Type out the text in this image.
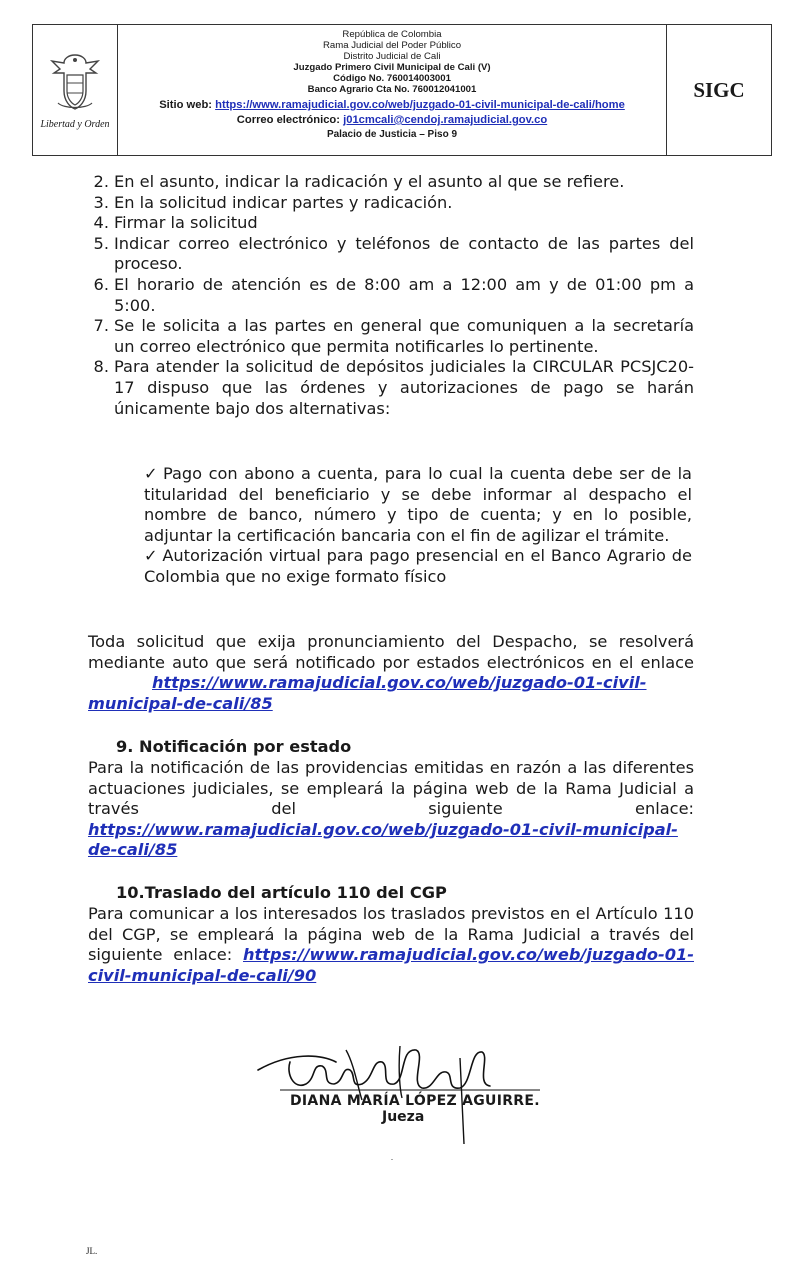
Libertad y Orden
República de Colombia
Rama Judicial del Poder Público
Distrito Judicial de Cali
Juzgado Primero Civil Municipal de Cali (V)
Código No. 760014003001
Banco Agrario Cta No. 760012041001
Sitio web: https://www.ramajudicial.gov.co/web/juzgado-01-civil-municipal-de-cali/home
Correo electrónico: j01cmcali@cendoj.ramajudicial.gov.co
Palacio de Justicia – Piso 9
SIGC
2. En el asunto, indicar la radicación y el asunto al que se refiere.
3. En la solicitud indicar partes y radicación.
4. Firmar la solicitud
5. Indicar correo electrónico y teléfonos de contacto de las partes del proceso.
6. El horario de atención es de 8:00 am a 12:00 am y de 01:00 pm a 5:00.
7. Se le solicita a las partes en general que comuniquen a la secretaría un correo electrónico que permita notificarles lo pertinente.
8. Para atender la solicitud de depósitos judiciales la CIRCULAR PCSJC20-17 dispuso que las órdenes y autorizaciones de pago se harán únicamente bajo dos alternativas:
✓ Pago con abono a cuenta, para lo cual la cuenta debe ser de la titularidad del beneficiario y se debe informar al despacho el nombre de banco, número y tipo de cuenta; y en lo posible, adjuntar la certificación bancaria con el fin de agilizar el trámite.
✓ Autorización virtual para pago presencial en el Banco Agrario de Colombia que no exige formato físico
Toda solicitud que exija pronunciamiento del Despacho, se resolverá mediante auto que será notificado por estados electrónicos en el enlace https://www.ramajudicial.gov.co/web/juzgado-01-civil-municipal-de-cali/85
9. Notificación por estado
Para la notificación de las providencias emitidas en razón a las diferentes actuaciones judiciales, se empleará la página web de la Rama Judicial a través del siguiente enlace: https://www.ramajudicial.gov.co/web/juzgado-01-civil-municipal-de-cali/85
10.Traslado del artículo 110 del CGP
Para comunicar a los interesados los traslados previstos en el Artículo 110 del CGP, se empleará la página web de la Rama Judicial a través del siguiente enlace: https://www.ramajudicial.gov.co/web/juzgado-01-civil-municipal-de-cali/90
DIANA MARÍA LÓPEZ AGUIRRE.
Jueza
JL.
